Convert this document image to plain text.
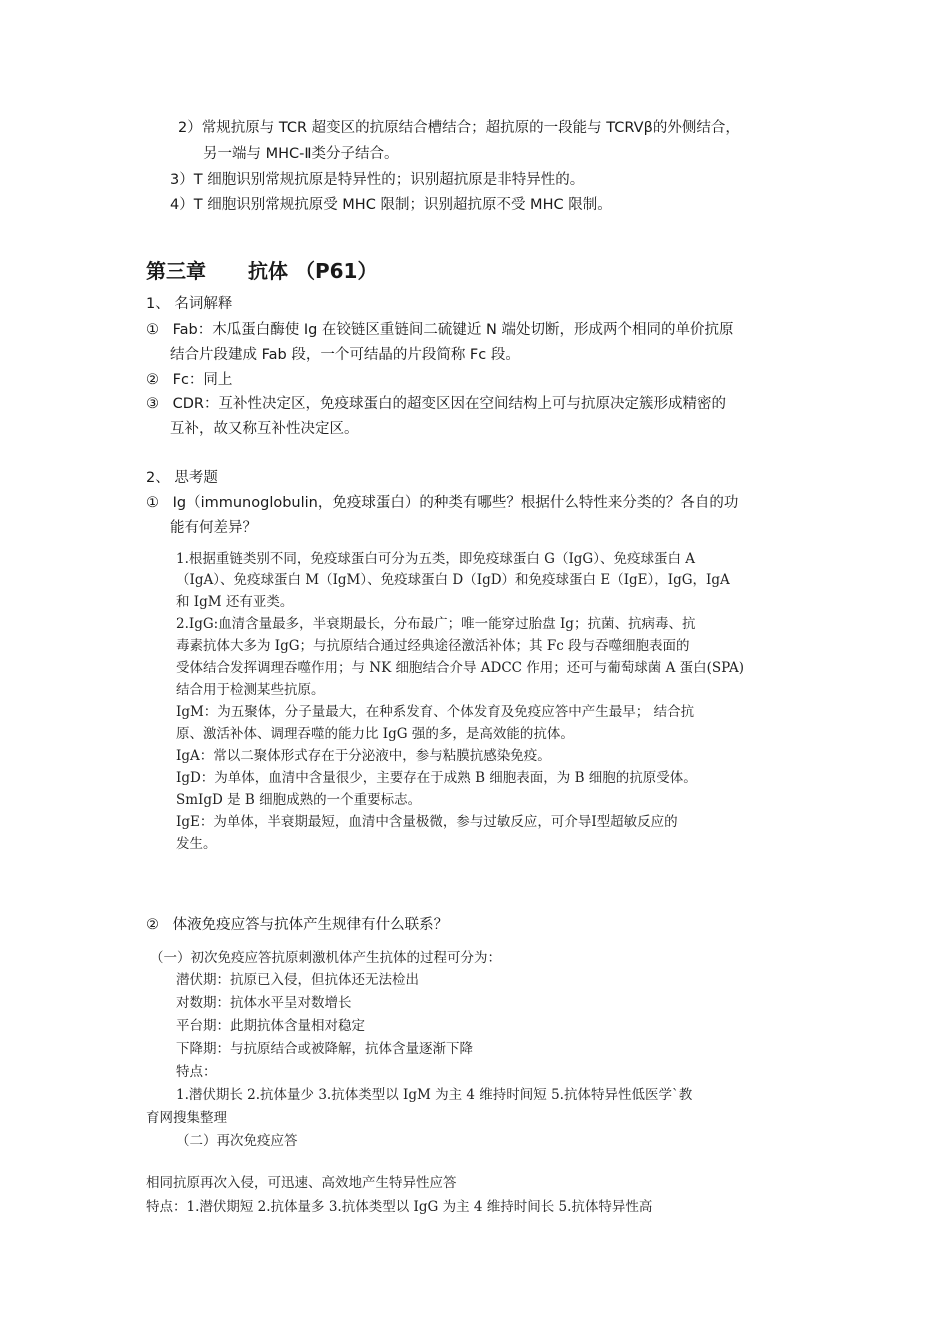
2）常规抗原与 TCR 超变区的抗原结合槽结合；超抗原的一段能与 TCRVβ的外侧结合，
另一端与 MHC-Ⅱ类分子结合。
3）T 细胞识别常规抗原是特异性的；识别超抗原是非特异性的。
4）T 细胞识别常规抗原受 MHC 限制；识别超抗原不受 MHC 限制。
第三章 抗体 （P61）
1、 名词解释
① Fab：木瓜蛋白酶使 Ig 在铰链区重链间二硫键近 N 端处切断，形成两个相同的单价抗原
结合片段建成 Fab 段，一个可结晶的片段简称 Fc 段。
② Fc：同上
③ CDR：互补性决定区，免疫球蛋白的超变区因在空间结构上可与抗原决定簇形成精密的
互补，故又称互补性决定区。
2、 思考题
① Ig（immunoglobulin，免疫球蛋白）的种类有哪些？根据什么特性来分类的？各自的功
能有何差异？
1.根据重链类别不同，免疫球蛋白可分为五类，即免疫球蛋白 G（IgG）、免疫球蛋白 A
（IgA）、免疫球蛋白 M（IgM）、免疫球蛋白 D（IgD）和免疫球蛋白 E（IgE），IgG，IgA
和 IgM 还有亚类。
2.IgG:血清含量最多，半衰期最长，分布最广；唯一能穿过胎盘 Ig；抗菌、抗病毒、抗
毒素抗体大多为 IgG；与抗原结合通过经典途径激活补体；其 Fc 段与吞噬细胞表面的
受体结合发挥调理吞噬作用；与 NK 细胞结合介导 ADCC 作用；还可与葡萄球菌 A 蛋白(SPA)
结合用于检测某些抗原。
IgM：为五聚体，分子量最大，在种系发育、个体发育及免疫应答中产生最早； 结合抗
原、激活补体、调理吞噬的能力比 IgG 强的多，是高效能的抗体。
IgA：常以二聚体形式存在于分泌液中，参与粘膜抗感染免疫。
IgD：为单体，血清中含量很少，主要存在于成熟 B 细胞表面，为 B 细胞的抗原受体。
SmIgD 是 B 细胞成熟的一个重要标志。
IgE：为单体，半衰期最短，血清中含量极微，参与过敏反应，可介导Ⅰ型超敏反应的
发生。
② 体液免疫应答与抗体产生规律有什么联系？
（一）初次免疫应答抗原刺激机体产生抗体的过程可分为：
潜伏期：抗原已入侵，但抗体还无法检出
对数期：抗体水平呈对数增长
平台期：此期抗体含量相对稳定
下降期：与抗原结合或被降解，抗体含量逐渐下降
特点：
1.潜伏期长 2.抗体量少 3.抗体类型以 IgM 为主 4 维持时间短 5.抗体特异性低医学`教
育网搜集整理
（二）再次免疫应答
相同抗原再次入侵，可迅速、高效地产生特异性应答
特点：1.潜伏期短 2.抗体量多 3.抗体类型以 IgG 为主 4 维持时间长 5.抗体特异性高
